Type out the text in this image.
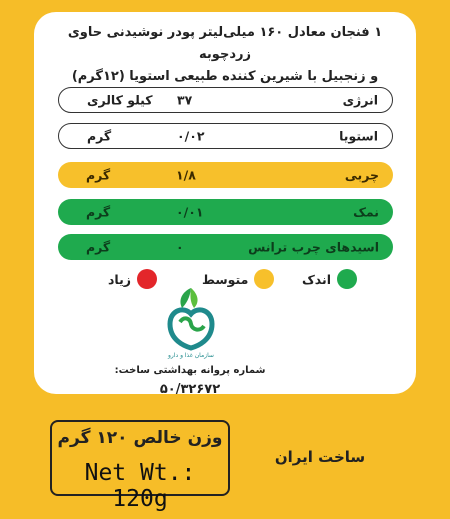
۱ فنجان معادل ۱۶۰ میلی‌لیتر پودر نوشیدنی حاوی زردچوبه
و زنجبیل با شیرین کننده طبیعی استویا (۱۲گرم)
انرژی
۳۷
کیلو کالری
استویا
۰/۰۲
گرم
چربی
۱/۸
گرم
نمک
۰/۰۱
گرم
اسیدهای چرب ترانس
۰
گرم
اندک
متوسط
زیاد
سازمان غذا و دارو
شماره پروانه بهداشتی ساخت:
۵۰/۳۲۶۷۲
وزن خالص ۱۲۰ گرم
Net Wt.: 120g
ساخت ایران
